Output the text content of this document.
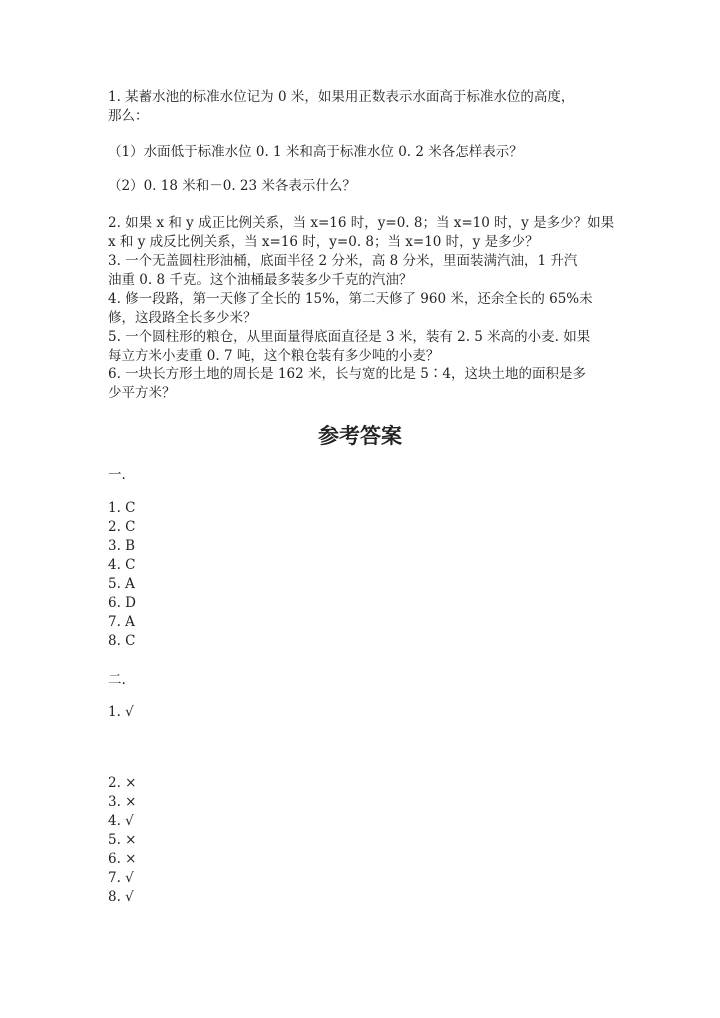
1. 某蓄水池的标准水位记为 0 米，如果用正数表示水面高于标准水位的高度，
那么：
（1）水面低于标准水位 0. 1 米和高于标准水位 0. 2 米各怎样表示？
（2）0. 18 米和－0. 23 米各表示什么？
2. 如果 x 和 y 成正比例关系，当 x=16 时，y=0. 8；当 x=10 时，y 是多少？如果
x 和 y 成反比例关系，当 x=16 时，y=0. 8；当 x=10 时，y 是多少？
3. 一个无盖圆柱形油桶，底面半径 2 分米，高 8 分米，里面装满汽油，1 升汽
油重 0. 8 千克。这个油桶最多装多少千克的汽油？
4. 修一段路，第一天修了全长的 15%，第二天修了 960 米，还余全长的 65%未
修，这段路全长多少米？
5. 一个圆柱形的粮仓，从里面量得底面直径是 3 米，装有 2. 5 米高的小麦. 如果
每立方米小麦重 0. 7 吨，这个粮仓装有多少吨的小麦？
6. 一块长方形土地的周长是 162 米，长与宽的比是 5∶4，这块土地的面积是多
少平方米？
一.
1. C
2. C
3. B
4. C
5. A
6. D
7. A
8. C
二.
1. √
2. ×
3. ×
4. √
5. ×
6. ×
7. √
8. √
参考答案
